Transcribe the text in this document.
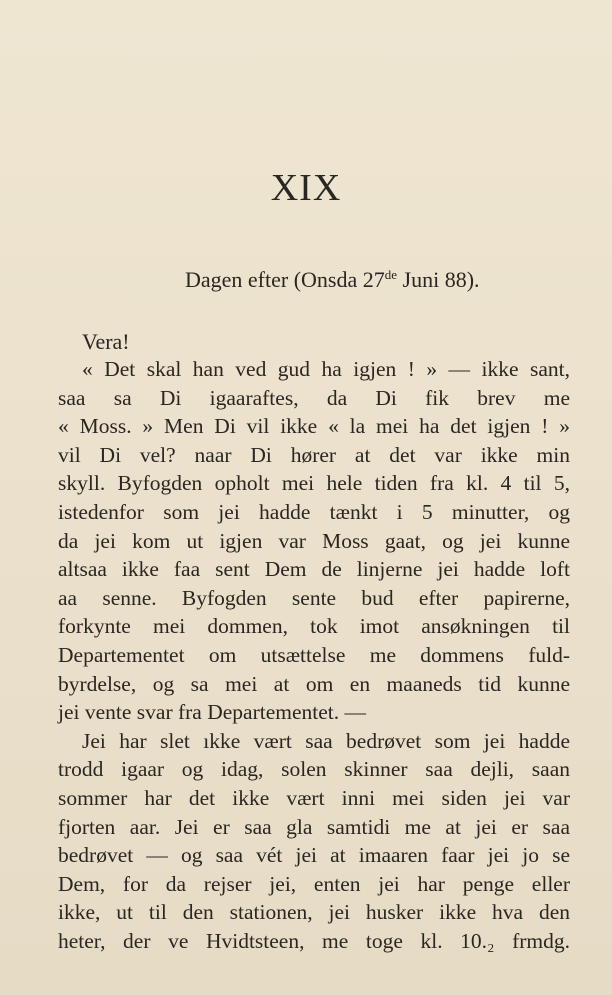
XIX
Dagen efter (Onsda 27de Juni 88).
Vera!
« Det skal han ved gud ha igjen ! » — ikke sant,
saa sa Di igaaraftes, da Di fik brev me
« Moss. » Men Di vil ikke « la mei ha det igjen ! »
vil Di vel? naar Di hører at det var ikke min
skyll. Byfogden opholt mei hele tiden fra kl. 4 til 5,
istedenfor som jei hadde tænkt i 5 minutter, og
da jei kom ut igjen var Moss gaat, og jei kunne
altsaa ikke faa sent Dem de linjerne jei hadde loft
aa senne. Byfogden sente bud efter papirerne,
forkynte mei dommen, tok imot ansøkningen til
Departementet om utsættelse me dommens fuld-
byrdelse, og sa mei at om en maaneds tid kunne
jei vente svar fra Departementet. —
Jei har slet ıkke vært saa bedrøvet som jei hadde
trodd igaar og idag, solen skinner saa dejli, saan
sommer har det ikke vært inni mei siden jei var
fjorten aar. Jei er saa gla samtidi me at jei er saa
bedrøvet — og saa vét jei at imaaren faar jei jo se
Dem, for da rejser jei, enten jei har penge eller
ikke, ut til den stationen, jei husker ikke hva den
heter, der ve Hvidtsteen, me toge kl. 10.₂ frmdg.
